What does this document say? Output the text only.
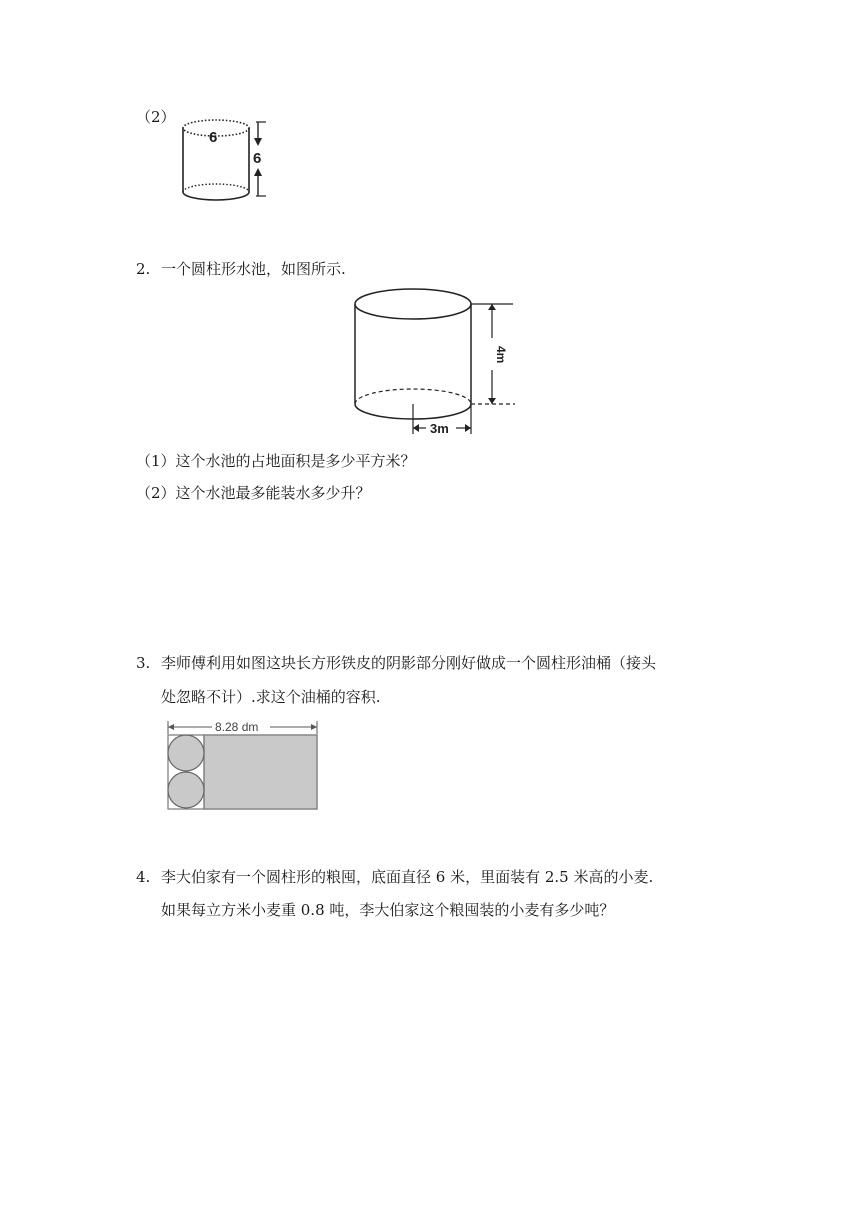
（2）
6
6
2. 一个圆柱形水池，如图所示.
4m
3m
（1）这个水池的占地面积是多少平方米？
（2）这个水池最多能装水多少升？
3. 李师傅利用如图这块长方形铁皮的阴影部分刚好做成一个圆柱形油桶（接头
处忽略不计）.求这个油桶的容积.
8.28 dm
4. 李大伯家有一个圆柱形的粮囤，底面直径 6 米，里面装有 2.5 米高的小麦.
如果每立方米小麦重 0.8 吨，李大伯家这个粮囤装的小麦有多少吨？
